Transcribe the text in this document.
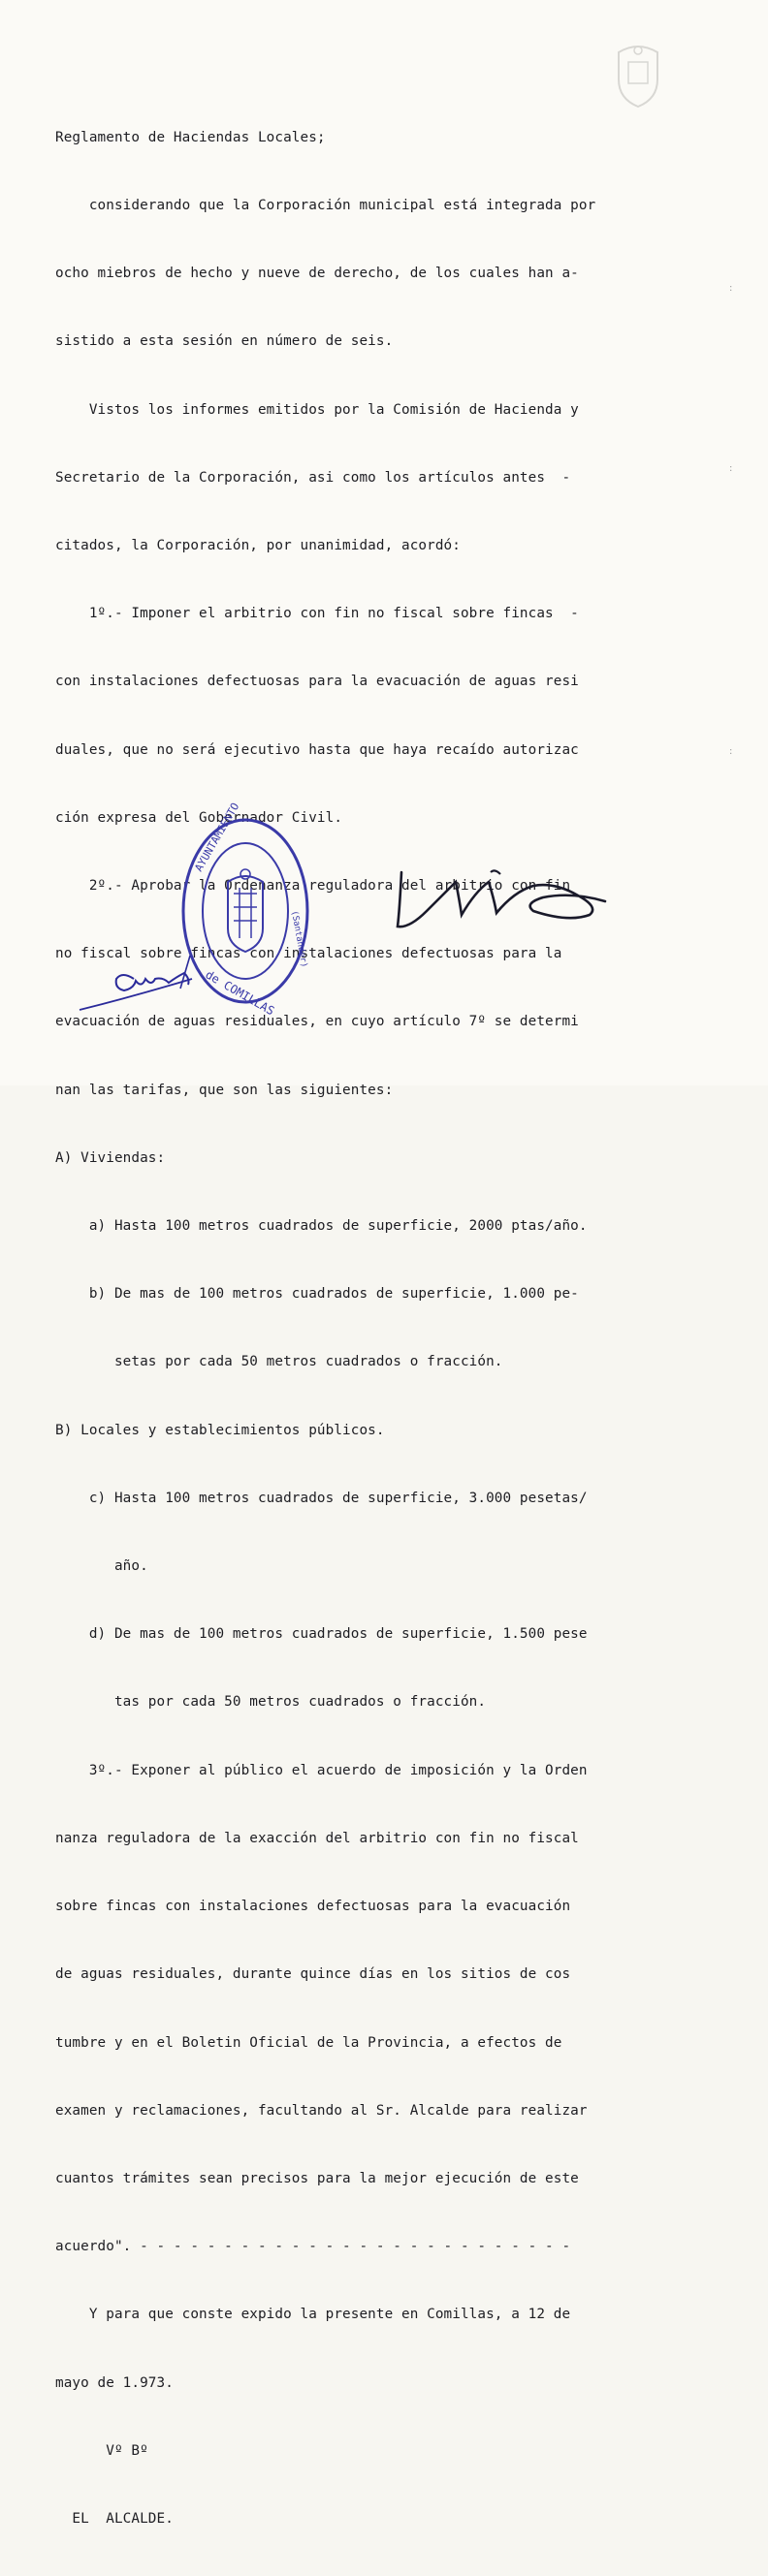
:
:
:

Reglamento de Haciendas Locales;

considerando que la Corporación municipal está integrada por

ocho miebros de hecho y nueve de derecho, de los cuales han a-

sistido a esta sesión en número de seis.

Vistos los informes emitidos por la Comisión de Hacienda y

Secretario de la Corporación, asi como los artículos antes  -

citados, la Corporación, por unanimidad, acordó:

1º.- Imponer el arbitrio con fin no fiscal sobre fincas  -

con instalaciones defectuosas para la evacuación de aguas resi

duales, que no será ejecutivo hasta que haya recaído autorizac

ción expresa del Gobernador Civil.

2º.- Aprobar la Ordenanza reguladora del arbitrio con fin

no fiscal sobre fincas con instalaciones defectuosas para la

evacuación de aguas residuales, en cuyo artículo 7º se determi

nan las tarifas, que son las siguientes:

A) Viviendas:

a) Hasta 100 metros cuadrados de superficie, 2000 ptas/año.

b) De mas de 100 metros cuadrados de superficie, 1.000 pe-

setas por cada 50 metros cuadrados o fracción.

B) Locales y establecimientos públicos.

c) Hasta 100 metros cuadrados de superficie, 3.000 pesetas/

año.

d) De mas de 100 metros cuadrados de superficie, 1.500 pese

tas por cada 50 metros cuadrados o fracción.

3º.- Exponer al público el acuerdo de imposición y la Orden

nanza reguladora de la exacción del arbitrio con fin no fiscal

sobre fincas con instalaciones defectuosas para la evacuación

de aguas residuales, durante quince días en los sitios de cos

tumbre y en el Boletin Oficial de la Provincia, a efectos de

examen y reclamaciones, facultando al Sr. Alcalde para realizar

cuantos trámites sean precisos para la mejor ejecución de este

acuerdo". - - - - - - - - - - - - - - - - - - - - - - - - - -

Y para que conste expido la presente en Comillas, a 12 de

mayo de 1.973.

Vº Bº

EL  ALCALDE.

AYUNTAMIENTO
de COMILLAS
(Santander)
